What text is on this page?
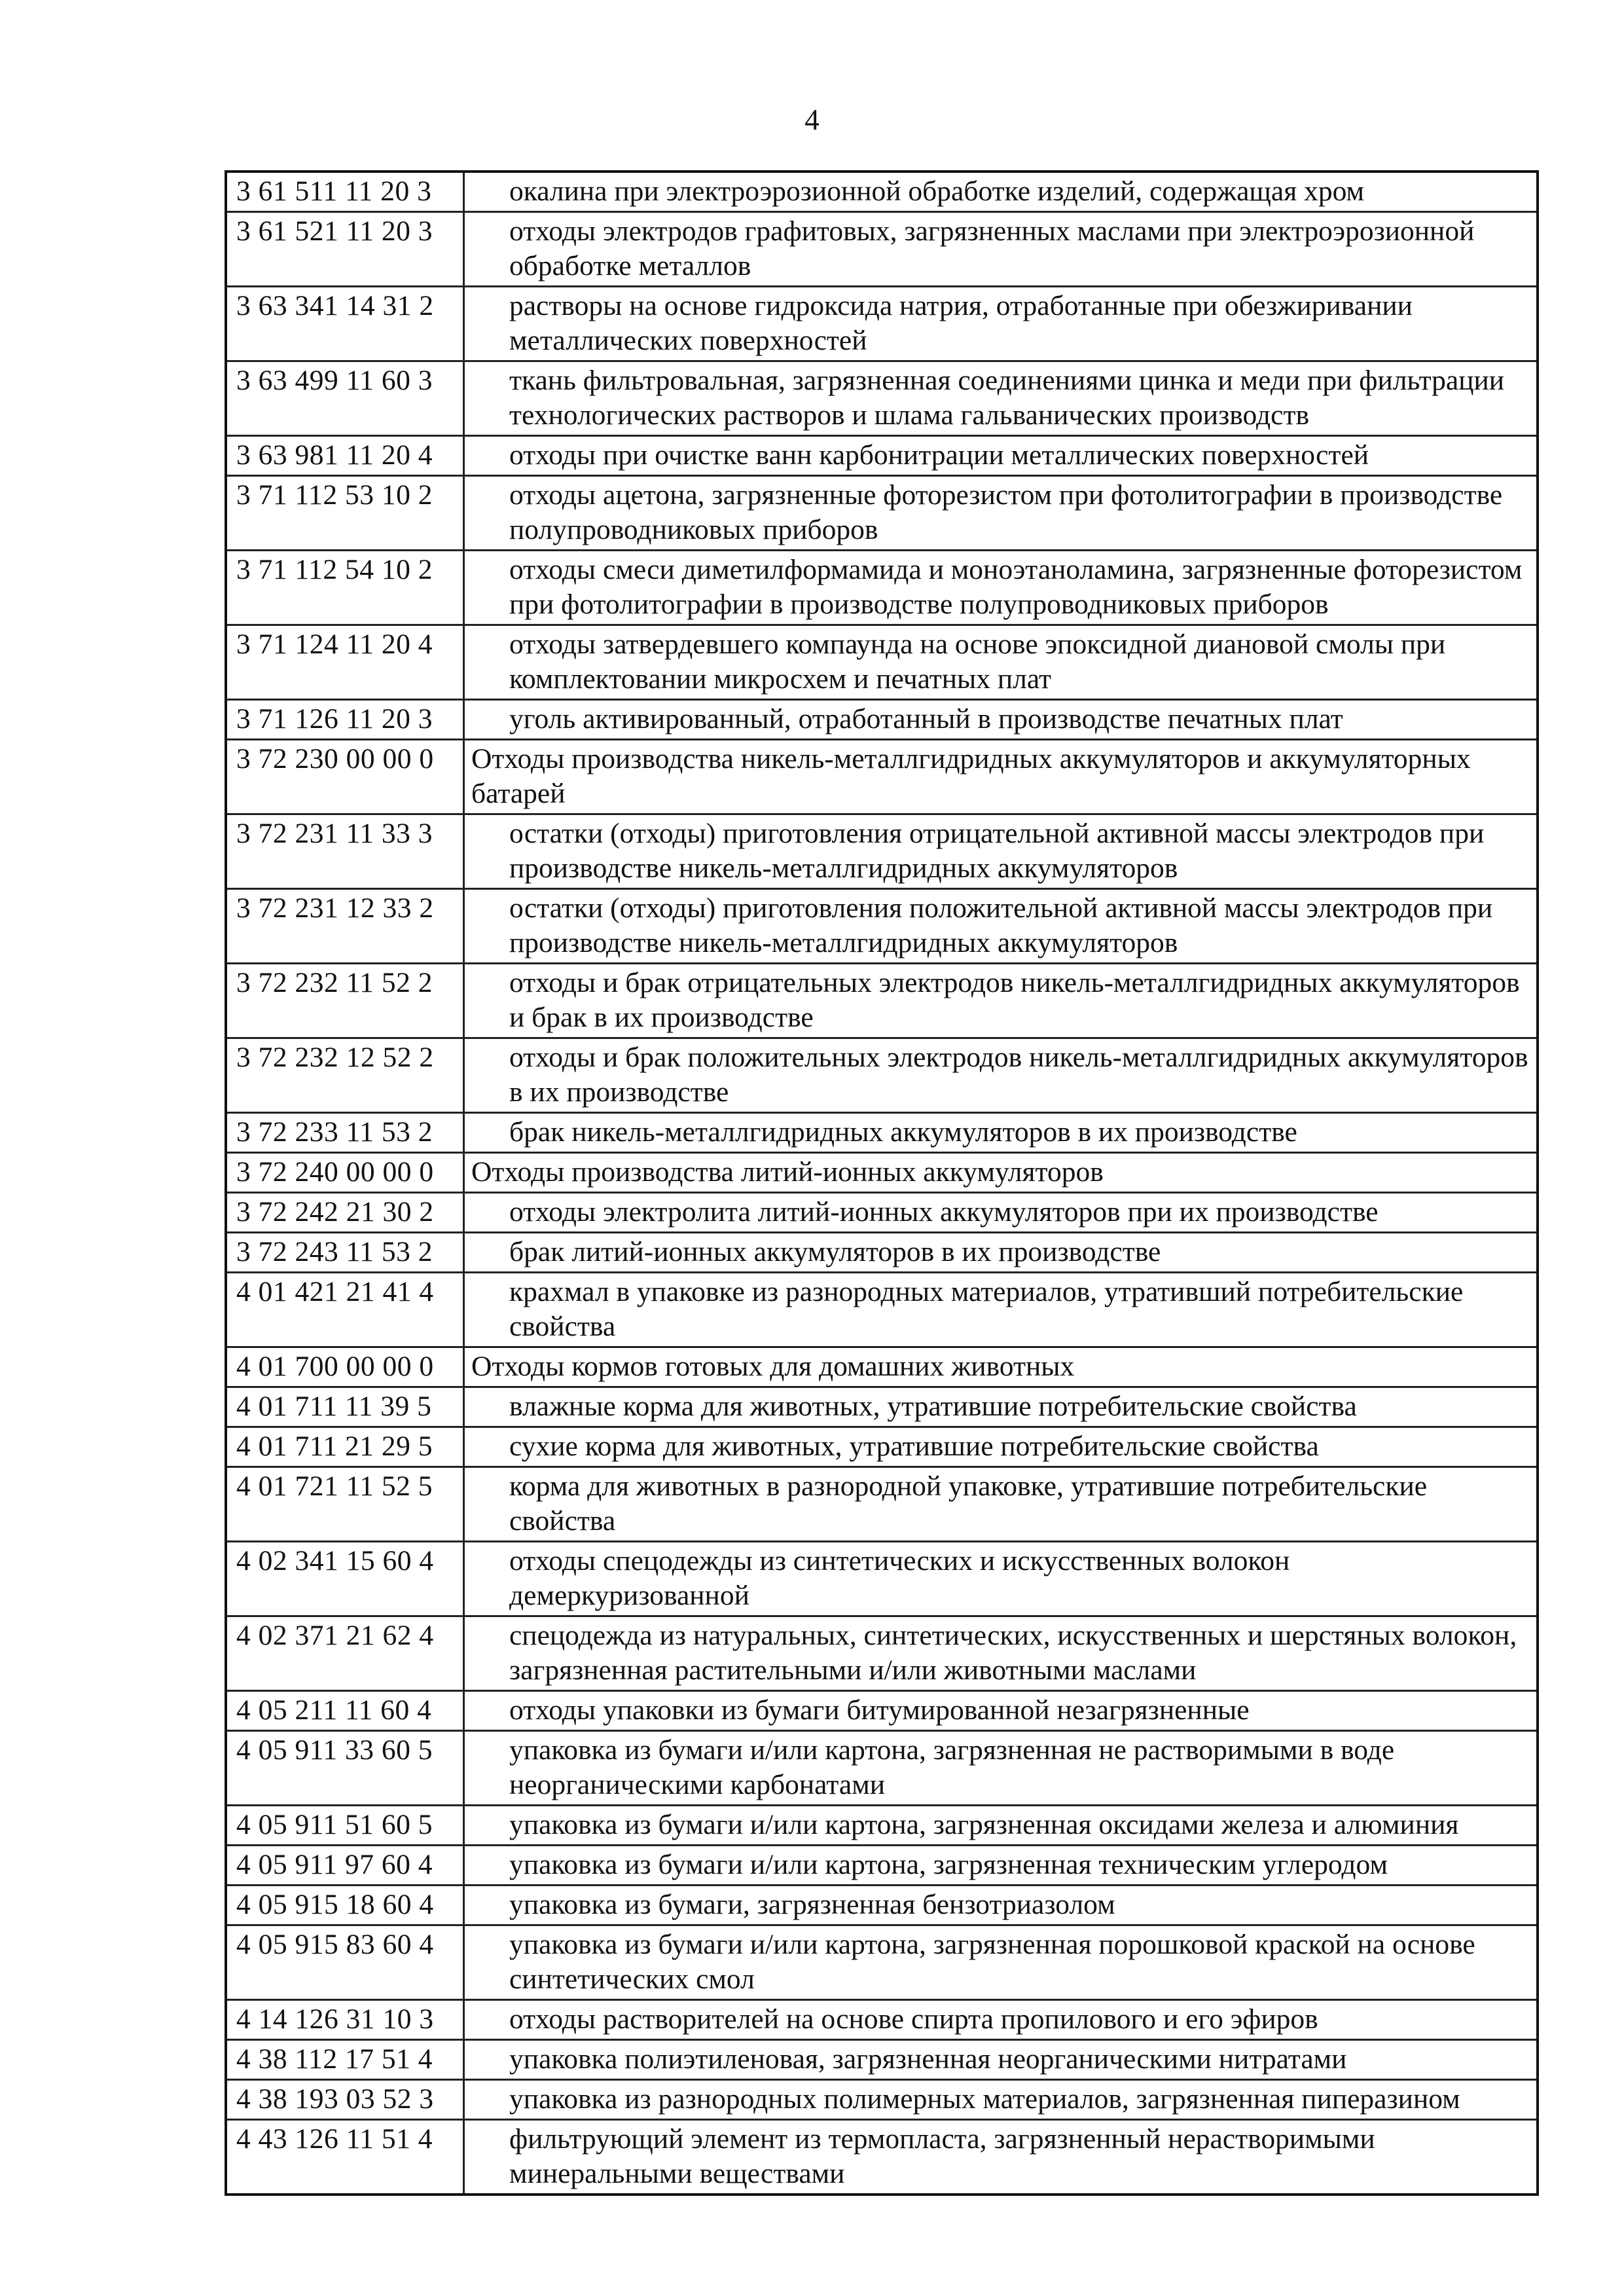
4
3 61 511 11 20 3	окалина при электроэрозионной обработке изделий, содержащая хром
3 61 521 11 20 3	отходы электродов графитовых, загрязненных маслами при электроэрозионной обработке металлов
3 63 341 14 31 2	растворы на основе гидроксида натрия, отработанные при обезжиривании металлических поверхностей
3 63 499 11 60 3	ткань фильтровальная, загрязненная соединениями цинка и меди при фильтрации технологических растворов и шлама гальванических производств
3 63 981 11 20 4	отходы при очистке ванн карбонитрации металлических поверхностей
3 71 112 53 10 2	отходы ацетона, загрязненные фоторезистом при фотолитографии в производстве полупроводниковых приборов
3 71 112 54 10 2	отходы смеси диметилформамида и моноэтаноламина, загрязненные фоторезистом при фотолитографии в производстве полупроводниковых приборов
3 71 124 11 20 4	отходы затвердевшего компаунда на основе эпоксидной диановой смолы при комплектовании микросхем и печатных плат
3 71 126 11 20 3	уголь активированный, отработанный в производстве печатных плат
3 72 230 00 00 0	Отходы производства никель-металлгидридных аккумуляторов и аккумуляторных батарей
3 72 231 11 33 3	остатки (отходы) приготовления отрицательной активной массы электродов при производстве никель-металлгидридных аккумуляторов
3 72 231 12 33 2	остатки (отходы) приготовления положительной активной массы электродов при производстве никель-металлгидридных аккумуляторов
3 72 232 11 52 2	отходы и брак отрицательных электродов никель-металлгидридных аккумуляторов и брак в их производстве
3 72 232 12 52 2	отходы и брак положительных электродов никель-металлгидридных аккумуляторов в их производстве
3 72 233 11 53 2	брак никель-металлгидридных аккумуляторов в их производстве
3 72 240 00 00 0	Отходы производства литий-ионных аккумуляторов
3 72 242 21 30 2	отходы электролита литий-ионных аккумуляторов при их производстве
3 72 243 11 53 2	брак литий-ионных аккумуляторов в их производстве
4 01 421 21 41 4	крахмал в упаковке из разнородных материалов, утративший потребительские свойства
4 01 700 00 00 0	Отходы кормов готовых для домашних животных
4 01 711 11 39 5	влажные корма для животных, утратившие потребительские свойства
4 01 711 21 29 5	сухие корма для животных, утратившие потребительские свойства
4 01 721 11 52 5	корма для животных в разнородной упаковке, утратившие потребительские свойства
4 02 341 15 60 4	отходы спецодежды из синтетических и искусственных волокон демеркуризованной
4 02 371 21 62 4	спецодежда из натуральных, синтетических, искусственных и шерстяных волокон, загрязненная растительными и/или животными маслами
4 05 211 11 60 4	отходы упаковки из бумаги битумированной незагрязненные
4 05 911 33 60 5	упаковка из бумаги и/или картона, загрязненная не растворимыми в воде неорганическими карбонатами
4 05 911 51 60 5	упаковка из бумаги и/или картона, загрязненная оксидами железа и алюминия
4 05 911 97 60 4	упаковка из бумаги и/или картона, загрязненная техническим углеродом
4 05 915 18 60 4	упаковка из бумаги, загрязненная бензотриазолом
4 05 915 83 60 4	упаковка из бумаги и/или картона, загрязненная порошковой краской на основе синтетических смол
4 14 126 31 10 3	отходы растворителей на основе спирта пропилового и его эфиров
4 38 112 17 51 4	упаковка полиэтиленовая, загрязненная неорганическими нитратами
4 38 193 03 52 3	упаковка из разнородных полимерных материалов, загрязненная пиперазином
4 43 126 11 51 4	фильтрующий элемент из термопласта, загрязненный нерастворимыми минеральными веществами
